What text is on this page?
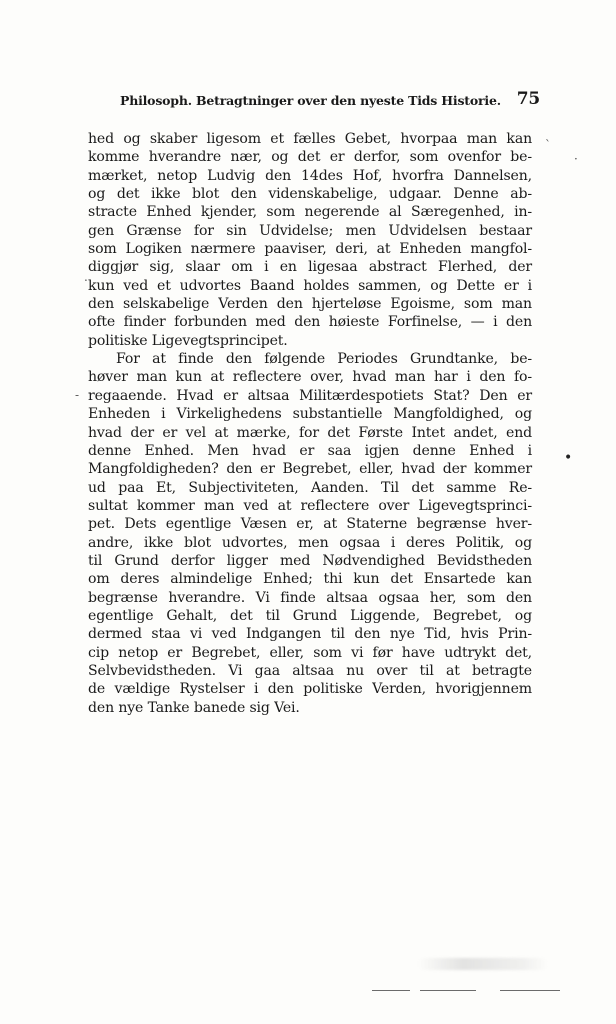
Philosoph. Betragtninger over den nyeste Tids Historie. 75
hed og skaber ligesom et fælles Gebet, hvorpaa man kan
komme hverandre nær, og det er derfor, som ovenfor be-
mærket, netop Ludvig den 14des Hof, hvorfra Dannelsen,
og det ikke blot den videnskabelige, udgaar. Denne ab-
stracte Enhed kjender, som negerende al Særegenhed, in-
gen Grænse for sin Udvidelse; men Udvidelsen bestaar
som Logiken nærmere paaviser, deri, at Enheden mangfol-
diggjør sig, slaar om i en ligesaa abstract Flerhed, der
kun ved et udvortes Baand holdes sammen, og Dette er i
den selskabelige Verden den hjerteløse Egoisme, som man
ofte finder forbunden med den høieste Forfinelse, — i den
politiske Ligevegtsprincipet.
For at finde den følgende Periodes Grundtanke, be-
høver man kun at reflectere over, hvad man har i den fo-
regaaende. Hvad er altsaa Militærdespotiets Stat? Den er
Enheden i Virkelighedens substantielle Mangfoldighed, og
hvad der er vel at mærke, for det Første Intet andet, end
denne Enhed. Men hvad er saa igjen denne Enhed i
Mangfoldigheden? den er Begrebet, eller, hvad der kommer
ud paa Et, Subjectiviteten, Aanden. Til det samme Re-
sultat kommer man ved at reflectere over Ligevegtsprinci-
pet. Dets egentlige Væsen er, at Staterne begrænse hver-
andre, ikke blot udvortes, men ogsaa i deres Politik, og
til Grund derfor ligger med Nødvendighed Bevidstheden
om deres almindelige Enhed; thi kun det Ensartede kan
begrænse hverandre. Vi finde altsaa ogsaa her, som den
egentlige Gehalt, det til Grund Liggende, Begrebet, og
dermed staa vi ved Indgangen til den nye Tid, hvis Prin-
cip netop er Begrebet, eller, som vi før have udtrykt det,
Selvbevidstheden. Vi gaa altsaa nu over til at betragte
de vældige Rystelser i den politiske Verden, hvorigjennem
den nye Tanke banede sig Vei.
`
·
-
•
.
